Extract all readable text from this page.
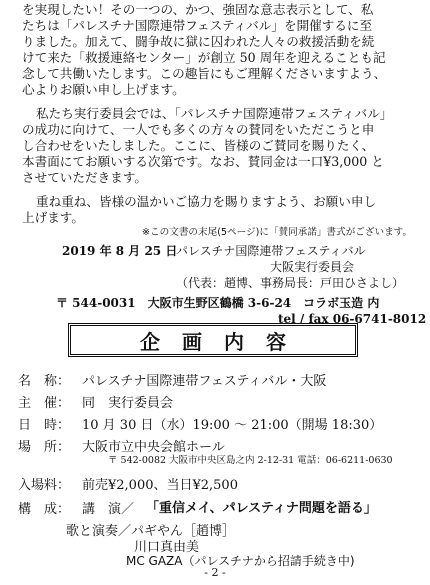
を実現したい！その一つの、かつ、強固な意志表示として、私
たちは「パレスチナ国際連帯フェスティバル」を開催するに至
りました。加えて、闘争故に獄に囚われた人々の救援活動を続
けて来た「救援連絡センター」が創立 50 周年を迎えることも記
念して共働いたします。この趣旨にもご理解くださいますよう、
心よりお願い申し上げます。
私たち実行委員会では、「パレスチナ国際連帯フェスティバル」
の成功に向けて、一人でも多くの方々の賛同をいただこうと申
し合わせをいたしました。ここに、皆様のご賛同を賜りたく、
本書面にてお願いする次第です。なお、賛同金は一口¥3,000 と
させていただきます。
重ね重ね、皆様の温かいご協力を賜りますよう、お願い申し
上げます。
※この文書の末尾(5ページ)に「賛同承諾」書式がございます。
2019 年 8 月 25 日
パレスチナ国際連帯フェスティバル
大阪実行委員会
（代表：趙博、事務局長：戸田ひさよし）
〒 544-0031　大阪市生野区鶴橋 3-6-24　コラボ玉造 内
tel / fax 06-6741-8012
企画内容
名　称： パレスチナ国際連帯フェスティバル・大阪
主　催： 同　実行委員会
日　時： 10 月 30 日（水）19:00 〜 21:00（開場 18:30）
場　所： 大阪市立中央会館ホール
〒 542-0082 大阪市中央区島之内 2-12-31 電話：06-6211-0630
入場料： 前売¥2,000、当日¥2,500
構　成： 講　演／ 「重信メイ、パレスティナ問題を語る」
歌と演奏／パギやん［趙博］
川口真由美
MC GAZA（パレスチナから招請手続き中)
- 2 -
